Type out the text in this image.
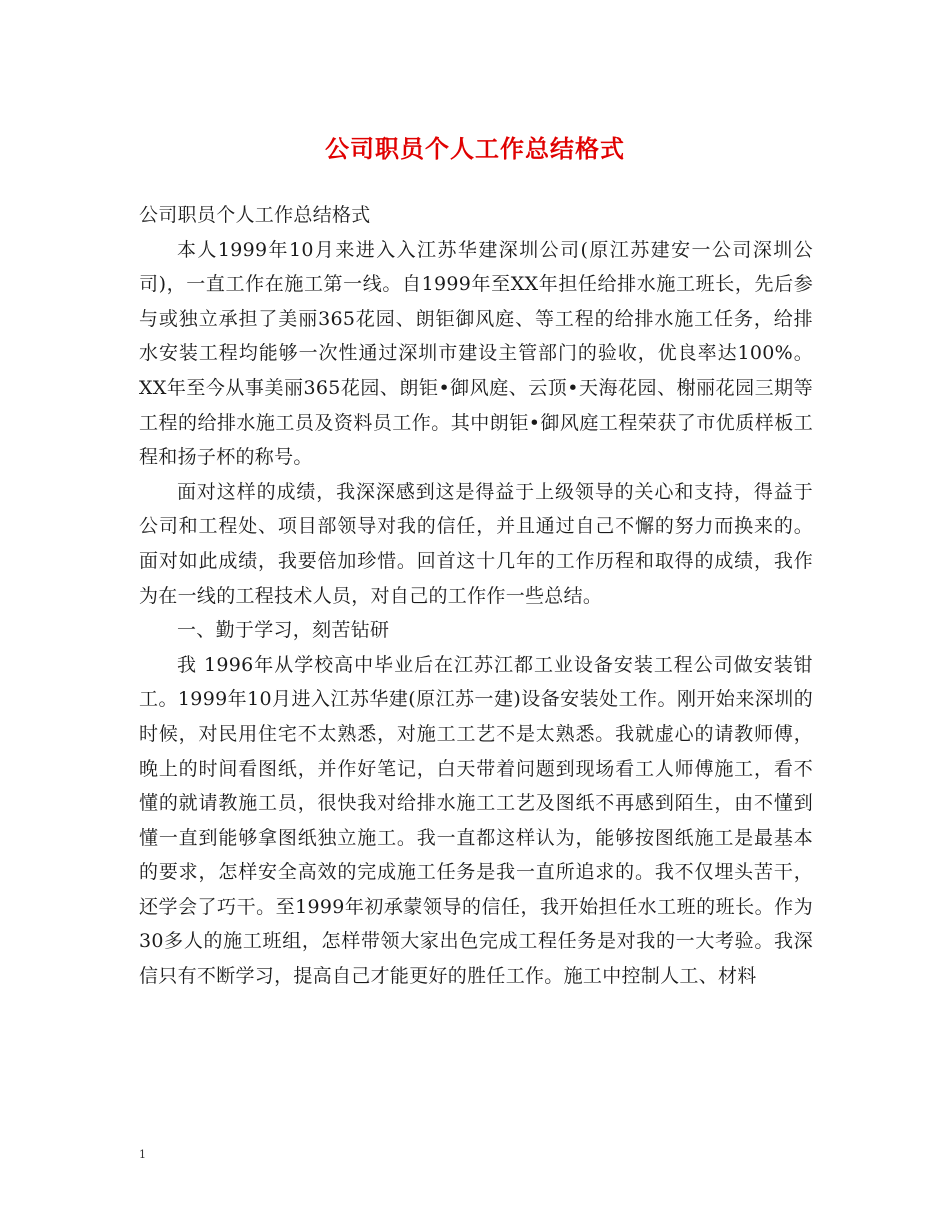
公司职员个人工作总结格式

公司职员个人工作总结格式

本人1999年10月来进入入江苏华建深圳公司(原江苏建安一公司深圳公司)，一直工作在施工第一线。自1999年至XX年担任给排水施工班长，先后参与或独立承担了美丽365花园、朗钜御风庭、等工程的给排水施工任务，给排水安装工程均能够一次性通过深圳市建设主管部门的验收，优良率达100%。 XX年至今从事美丽365花园、朗钜•御风庭、云顶•天海花园、榭丽花园三期等工程的给排水施工员及资料员工作。其中朗钜•御风庭工程荣获了市优质样板工程和扬子杯的称号。

面对这样的成绩，我深深感到这是得益于上级领导的关心和支持，得益于公司和工程处、项目部领导对我的信任，并且通过自己不懈的努力而换来的。面对如此成绩，我要倍加珍惜。回首这十几年的工作历程和取得的成绩，我作为在一线的工程技术人员，对自己的工作作一些总结。

一、勤于学习，刻苦钻研

我 1996年从学校高中毕业后在江苏江都工业设备安装工程公司做安装钳工。1999年10月进入江苏华建(原江苏一建)设备安装处工作。刚开始来深圳的时候，对民用住宅不太熟悉，对施工工艺不是太熟悉。我就虚心的请教师傅，晚上的时间看图纸，并作好笔记，白天带着问题到现场看工人师傅施工，看不懂的就请教施工员，很快我对给排水施工工艺及图纸不再感到陌生，由不懂到懂一直到能够拿图纸独立施工。我一直都这样认为，能够按图纸施工是最基本的要求，怎样安全高效的完成施工任务是我一直所追求的。我不仅埋头苦干，还学会了巧干。至1999年初承蒙领导的信任，我开始担任水工班的班长。作为30多人的施工班组，怎样带领大家出色完成工程任务是对我的一大考验。我深信只有不断学习，提高自己才能更好的胜任工作。施工中控制人工、材料

1
